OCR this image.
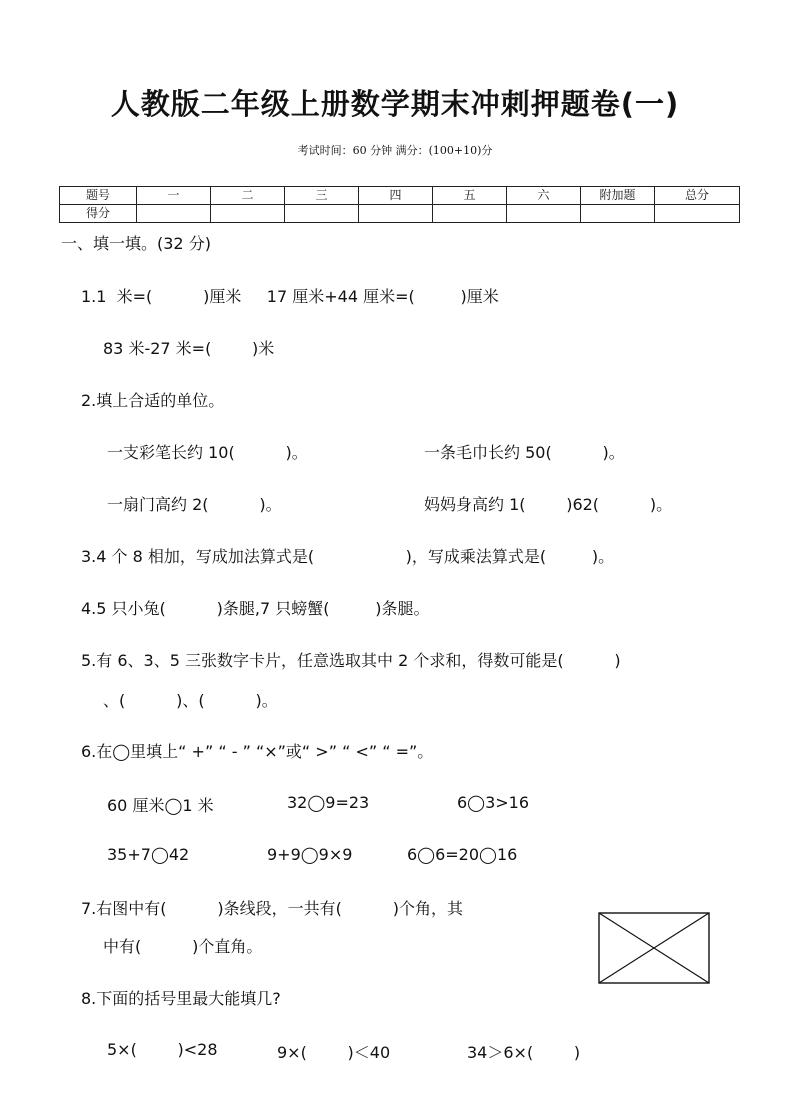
人教版二年级上册数学期末冲刺押题卷(一)
考试时间：60 分钟 满分：(100+10)分
题号	一	二	三	四	五	六	附加题	总分
得分								
一、填一填。(32 分)
1.1  米=(          )厘米     17 厘米+44 厘米=(         )厘米
83 米-27 米=(        )米
2.填上合适的单位。
一支彩笔长约 10(          )。	一条毛巾长约 50(          )。
一扇门高约 2(          )。	妈妈身高约 1(        )62(          )。
3.4 个 8 相加，写成加法算式是(                  )，写成乘法算式是(         )。
4.5 只小兔(          )条腿,7 只螃蟹(         )条腿。
5.有 6、3、5 三张数字卡片，任意选取其中 2 个求和，得数可能是(          )
、(          )、(          )。
6.在◯里填上“ +” “ - ” “×”或“ >” “ <” “ =”。
60 厘米◯1 米	32◯9=23	6◯3>16
35+7◯42	9+9◯9×9	6◯6=20◯16
7.右图中有(          )条线段，一共有(          )个角，其
中有(          )个直角。
8.下面的括号里最大能填几?
5×(        )<28	9×(        )＜40	34＞6×(        )
